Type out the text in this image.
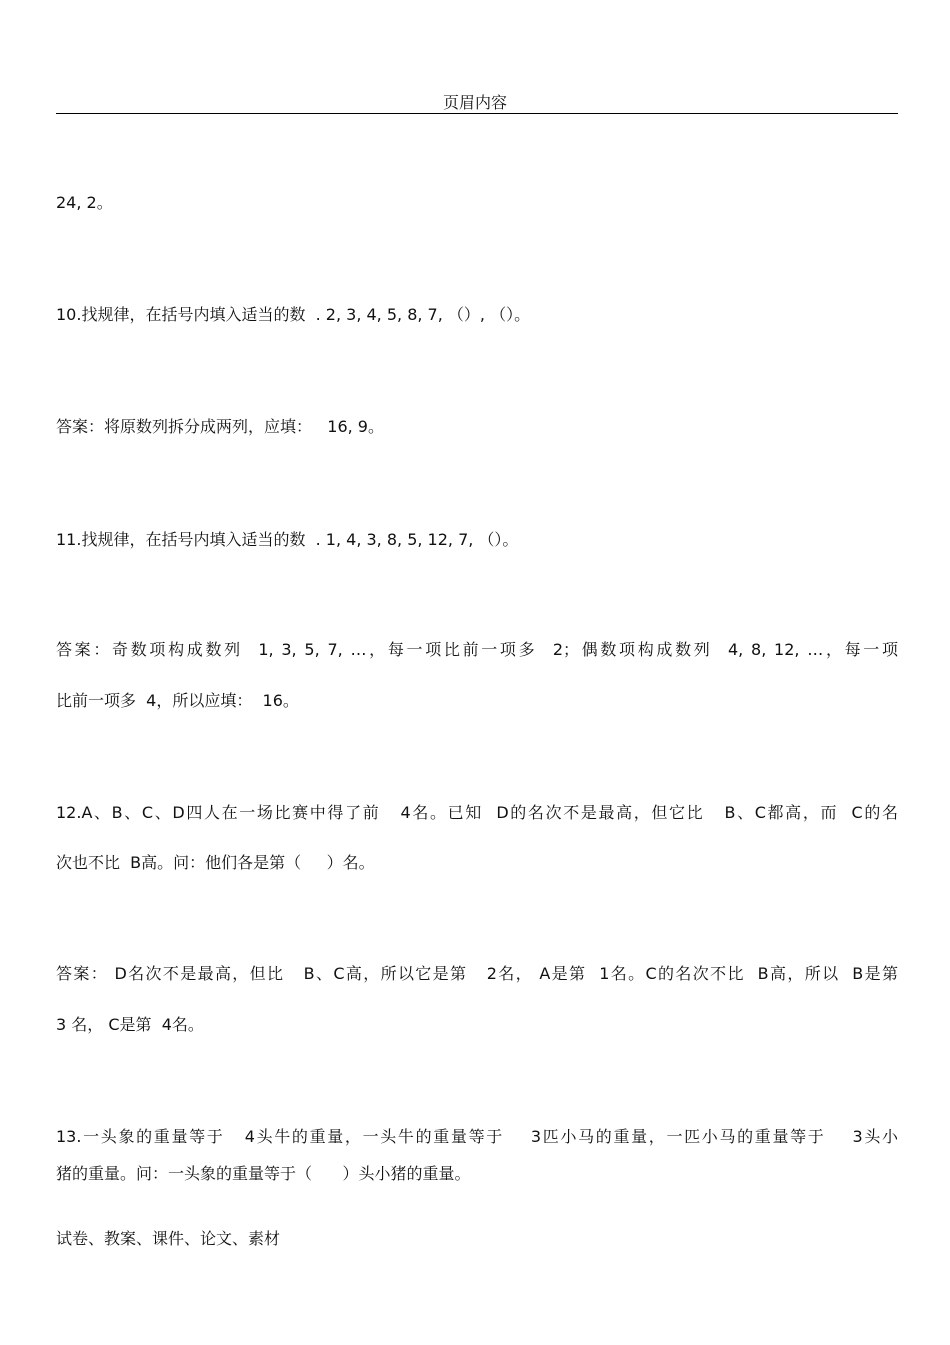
页眉内容
24, 2。
10.找规律，在括号内填入适当的数  . 2, 3, 4, 5, 8, 7, （）, （）。
答案：将原数列拆分成两列，应填：   16, 9。
11.找规律，在括号内填入适当的数  . 1, 4, 3, 8, 5, 12, 7, （）。
答案：奇数项构成数列  1, 3, 5, 7, …，每一项比前一项多  2；偶数项构成数列  4, 8, 12, …，每一项
比前一项多  4，所以应填：  16。
12.A、B、C、D四人在一场比赛中得了前   4名。已知  D的名次不是最高，但它比   B、C都高，而  C的名
次也不比  B高。问：他们各是第（     ）名。
答案： D名次不是最高，但比   B、C高，所以它是第   2名， A是第  1名。C的名次不比  B高，所以  B是第
3 名， C是第  4名。
13.一头象的重量等于   4头牛的重量，一头牛的重量等于    3匹小马的重量，一匹小马的重量等于    3头小
猪的重量。问：一头象的重量等于（      ）头小猪的重量。
试卷、教案、课件、论文、素材
